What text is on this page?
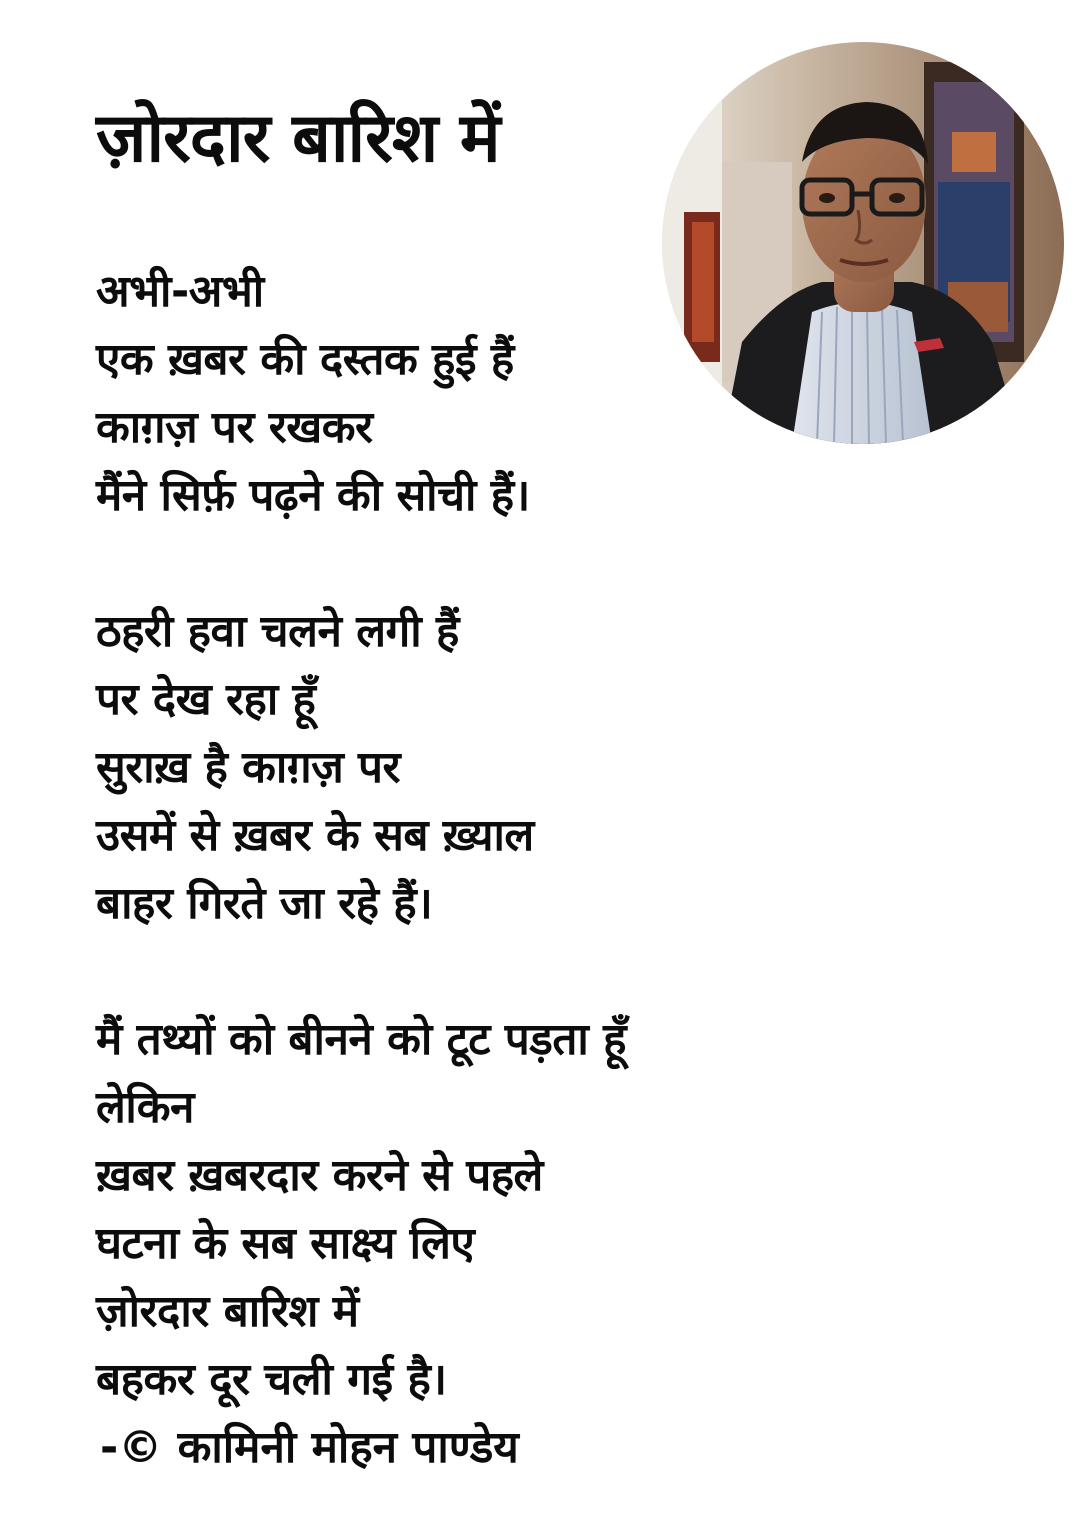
ज़ोरदार बारिश में
अभी-अभी
एक ख़बर की दस्तक हुई हैं
काग़ज़ पर रखकर
मैंने सिर्फ़ पढ़ने की सोची हैं।
ठहरी हवा चलने लगी हैं
पर देख रहा हूँ
सुराख़ है काग़ज़ पर
उसमें से ख़बर के सब ख़्याल
बाहर गिरते जा रहे हैं।
मैं तथ्यों को बीनने को टूट पड़ता हूँ
लेकिन
ख़बर ख़बरदार करने से पहले
घटना के सब साक्ष्य लिए
ज़ोरदार बारिश में
बहकर दूर चली गई है।
-© कामिनी मोहन पाण्डेय
